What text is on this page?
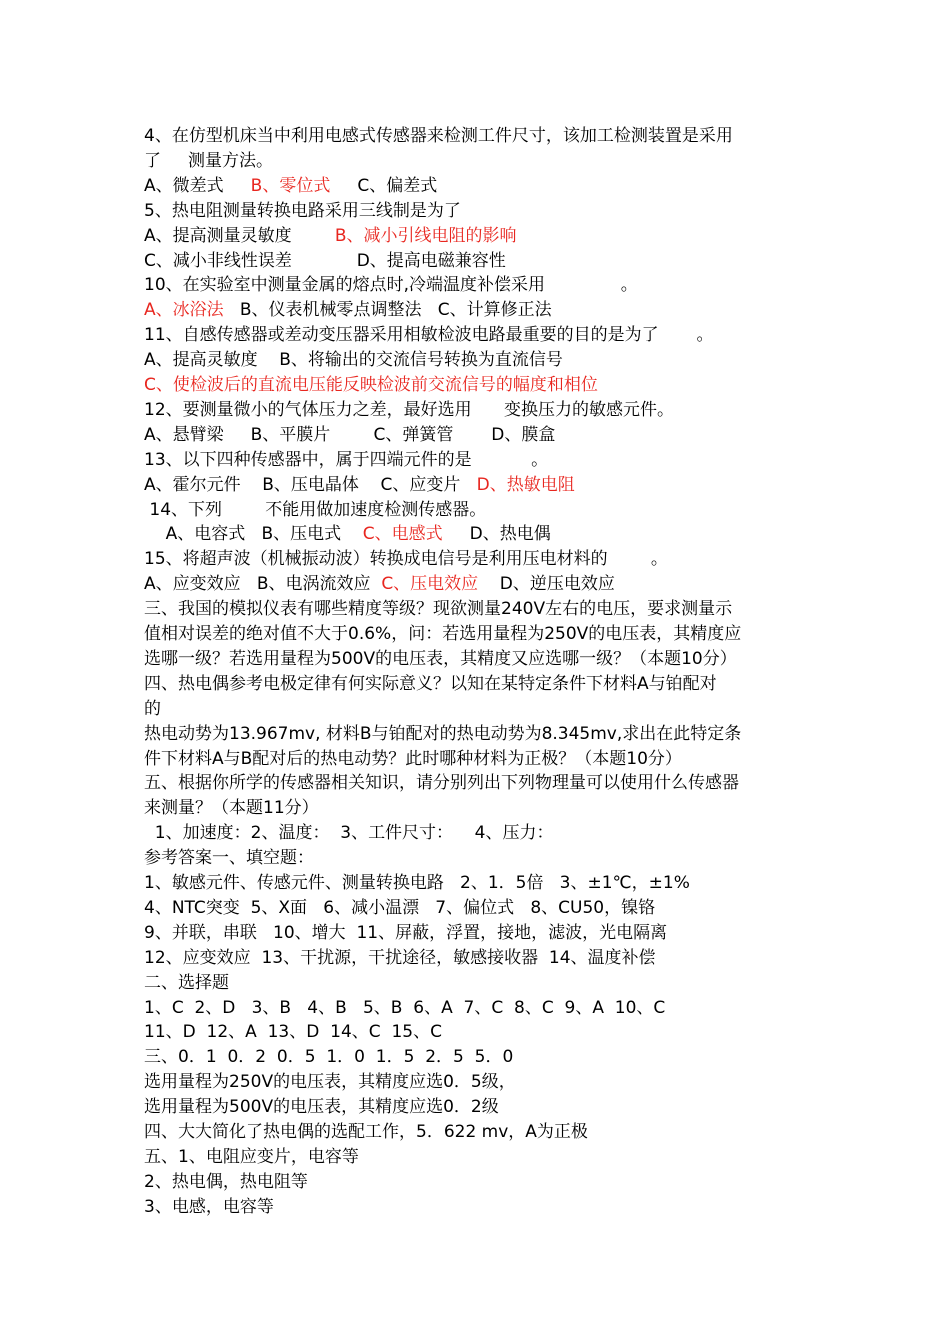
4、在仿型机床当中利用电感式传感器来检测工件尺寸，该加工检测装置是采用
了     测量方法。
A、微差式     B、零位式     C、偏差式
5、热电阻测量转换电路采用三线制是为了
A、提高测量灵敏度        B、减小引线电阻的影响
C、减小非线性误差            D、提高电磁兼容性
10、在实验室中测量金属的熔点时,冷端温度补偿采用              。
A、冰浴法   B、仪表机械零点调整法   C、计算修正法
11、自感传感器或差动变压器采用相敏检波电路最重要的目的是为了       。
A、提高灵敏度    B、将输出的交流信号转换为直流信号
C、使检波后的直流电压能反映检波前交流信号的幅度和相位
12、要测量微小的气体压力之差，最好选用      变换压力的敏感元件。
A、悬臂梁     B、平膜片        C、弹簧管       D、膜盒
13、以下四种传感器中，属于四端元件的是           。
A、霍尔元件    B、压电晶体    C、应变片   D、热敏电阻
14、下列        不能用做加速度检测传感器。
A、电容式   B、压电式    C、电感式     D、热电偶
15、将超声波（机械振动波）转换成电信号是利用压电材料的        。
A、应变效应   B、电涡流效应  C、压电效应    D、逆压电效应
三、我国的模拟仪表有哪些精度等级？现欲测量240V左右的电压，要求测量示
值相对误差的绝对值不大于0.6%，问：若选用量程为250V的电压表，其精度应
选哪一级？若选用量程为500V的电压表，其精度又应选哪一级？（本题10分）
四、热电偶参考电极定律有何实际意义？以知在某特定条件下材料A与铂配对
的
热电动势为13.967mv, 材料B与铂配对的热电动势为8.345mv,求出在此特定条
件下材料A与B配对后的热电动势？此时哪种材料为正极？（本题10分）
五、根据你所学的传感器相关知识，请分别列出下列物理量可以使用什么传感器
来测量？（本题11分）
1、加速度：2、温度：  3、工件尺寸：    4、压力：
参考答案一、填空题：
1、敏感元件、传感元件、测量转换电路   2、1．5倍   3、±1℃，±1%
4、NTC突变  5、X面   6、减小温漂   7、偏位式   8、CU50，镍铬
9、并联，串联   10、增大  11、屏蔽，浮置，接地，滤波，光电隔离
12、应变效应  13、干扰源，干扰途径，敏感接收器  14、温度补偿
二、选择题
1、C  2、D   3、B   4、B   5、B  6、A  7、C  8、C  9、A  10、C
11、D  12、A  13、D  14、C  15、C
三、0．1  0．2  0．5  1．0  1．5  2．5  5．0
选用量程为250V的电压表，其精度应选0．5级，
选用量程为500V的电压表，其精度应选0．2级
四、大大简化了热电偶的选配工作，5．622 mv，A为正极
五、1、电阻应变片，电容等
2、热电偶，热电阻等
3、电感，电容等
